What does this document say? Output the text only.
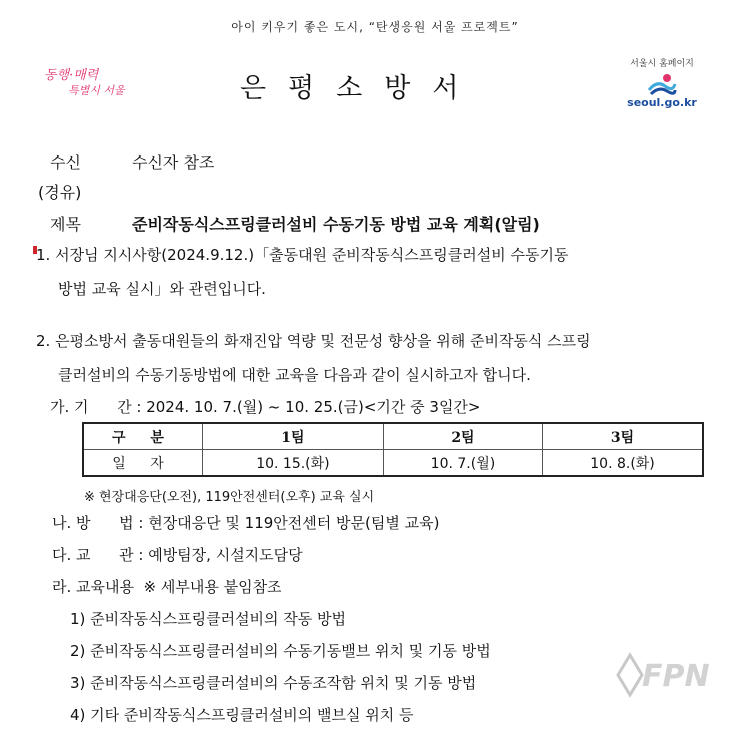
아이 키우기 좋은 도시, “탄생응원 서울 프로젝트”
동행·매력
특별시 서울	은평소방서
서울시 홈페이지
seoul.go.kr
수신	수신자 참조
(경유)
제목	준비작동식스프링클러설비 수동기동 방법 교육 계획(알림)
1. 서장님 지시사항(2024.9.12.)「출동대원 준비작동식스프링클러설비 수동기동
방법 교육 실시」와 관련입니다.
2. 은평소방서 출동대원들의 화재진압 역량 및 전문성 향상을 위해 준비작동식 스프링
클러설비의 수동기동방법에 대한 교육을 다음과 같이 실시하고자 합니다.
가. 기      간 : 2024. 10. 7.(월) ~ 10. 25.(금)<기간 중 3일간>
구 분	1팀	2팀	3팀
일 자	10. 15.(화)	10. 7.(월)	10. 8.(화)
※ 현장대응단(오전), 119안전센터(오후) 교육 실시
나. 방      법 : 현장대응단 및 119안전센터 방문(팀별 교육)
다. 교      관 : 예방팀장, 시설지도담당
라. 교육내용  ※ 세부내용 붙임참조
1) 준비작동식스프링클러설비의 작동 방법
2) 준비작동식스프링클러설비의 수동기동밸브 위치 및 기동 방법
3) 준비작동식스프링클러설비의 수동조작함 위치 및 기동 방법
4) 기타 준비작동식스프링클러설비의 밸브실 위치 등
FPN
